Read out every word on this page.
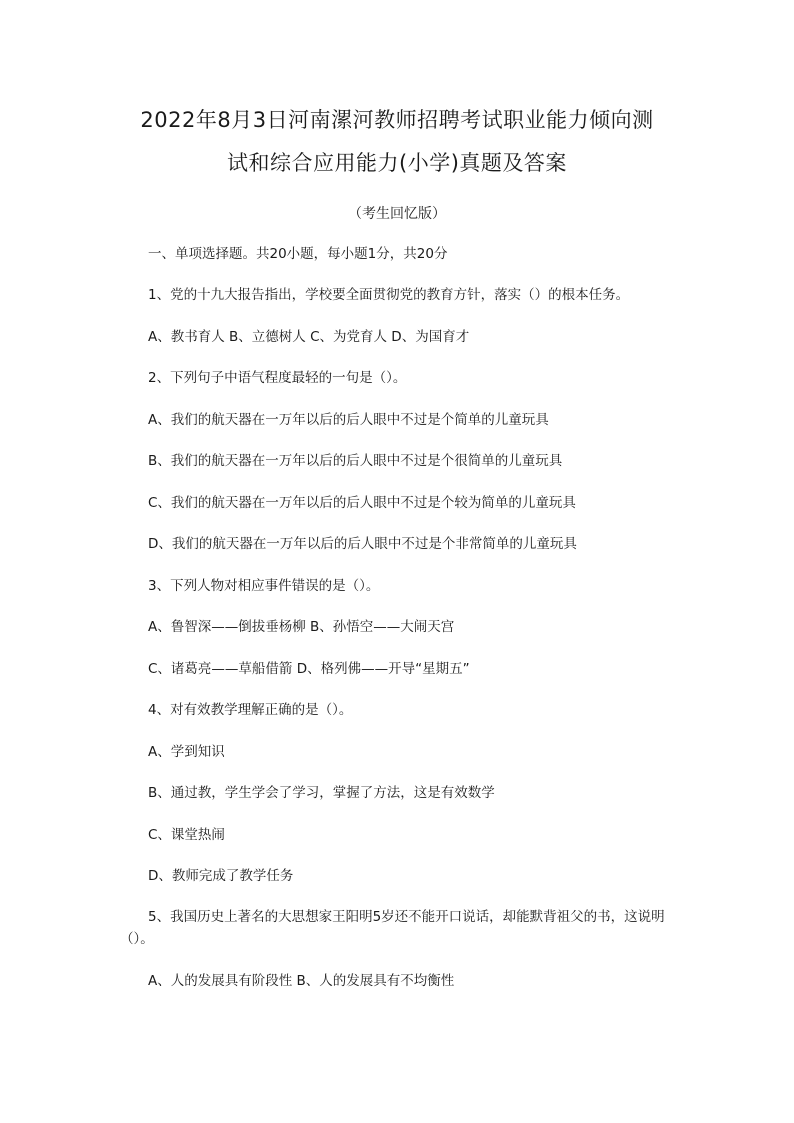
2022年8月3日河南漯河教师招聘考试职业能力倾向测
试和综合应用能力(小学)真题及答案
（考生回忆版）
一、单项选择题。共20小题，每小题1分，共20分
1、党的十九大报告指出，学校要全面贯彻党的教育方针，落实（）的根本任务。
A、教书育人 B、立德树人 C、为党育人 D、为国育才
2、下列句子中语气程度最轻的一句是（）。
A、我们的航天器在一万年以后的后人眼中不过是个简单的儿童玩具
B、我们的航天器在一万年以后的后人眼中不过是个很简单的儿童玩具
C、我们的航天器在一万年以后的后人眼中不过是个较为简单的儿童玩具
D、我们的航天器在一万年以后的后人眼中不过是个非常简单的儿童玩具
3、下列人物对相应事件错误的是（）。
A、鲁智深——倒拔垂杨柳 B、孙悟空——大闹天宫
C、诸葛亮——草船借箭 D、格列佛——开导“星期五”
4、对有效教学理解正确的是（）。
A、学到知识
B、通过教，学生学会了学习，掌握了方法，这是有效数学
C、课堂热闹
D、教师完成了教学任务
5、我国历史上著名的大思想家王阳明5岁还不能开口说话，却能默背祖父的书，这说明（）。
A、人的发展具有阶段性 B、人的发展具有不均衡性
